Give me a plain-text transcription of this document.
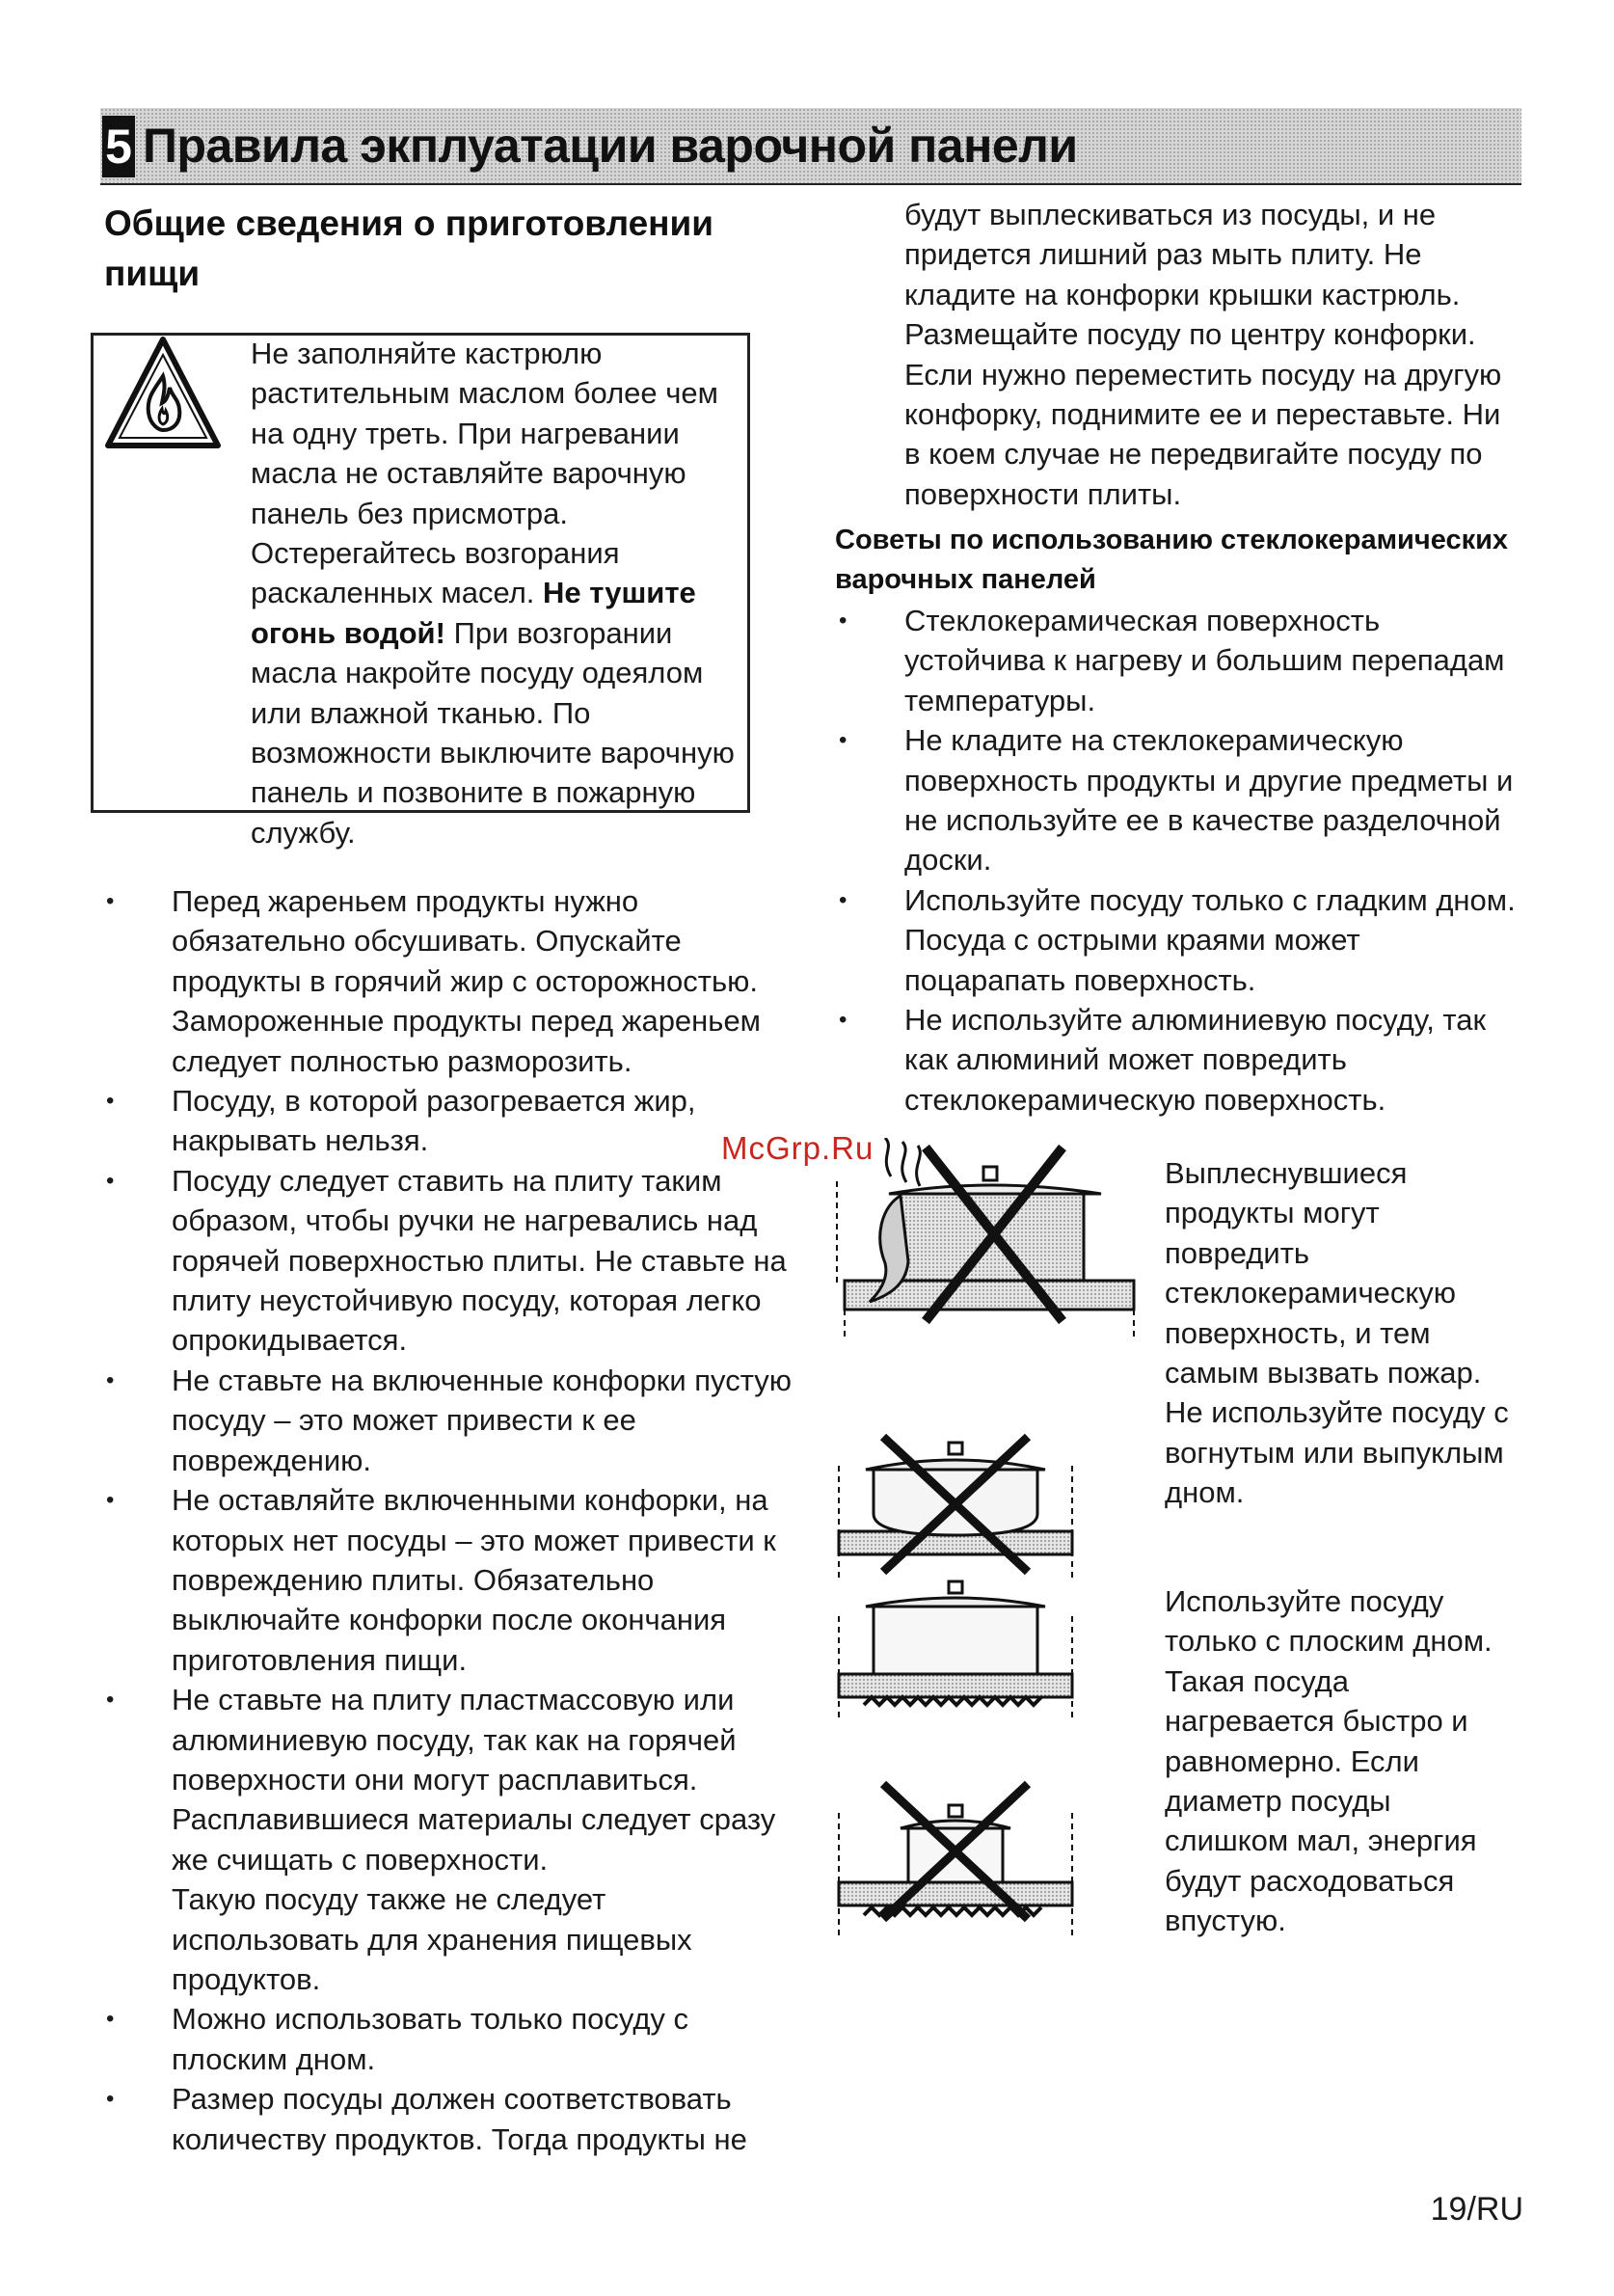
5 Правила экплуатации варочной панели
Общие сведения о приготовлении пищи
Не заполняйте кастрюлю растительным маслом более чем на одну треть. При нагревании масла не оставляйте варочную панель без присмотра. Остерегайтесь возгорания раскаленных масел. Не тушите огонь водой! При возгорании масла накройте посуду одеялом или влажной тканью. По возможности выключите варочную панель и позвоните в пожарную службу.
• Перед жареньем продукты нужно обязательно обсушивать. Опускайте продукты в горячий жир с осторожностью. Замороженные продукты перед жареньем следует полностью разморозить.
• Посуду, в которой разогревается жир, накрывать нельзя.
• Посуду следует ставить на плиту таким образом, чтобы ручки не нагревались над горячей поверхностью плиты. Не ставьте на плиту неустойчивую посуду, которая легко опрокидывается.
• Не ставьте на включенные конфорки пустую посуду – это может привести к ее повреждению.
• Не оставляйте включенными конфорки, на которых нет посуды – это может привести к повреждению плиты. Обязательно выключайте конфорки после окончания приготовления пищи.
• Не ставьте на плиту пластмассовую или алюминиевую посуду, так как на горячей поверхности они могут расплавиться. Расплавившиеся материалы следует сразу же счищать с поверхности.
Такую посуду также не следует использовать для хранения пищевых продуктов.
• Можно использовать только посуду с плоским дном.
• Размер посуды должен соответствовать количеству продуктов. Тогда продукты не
будут выплескиваться из посуды, и не придется лишний раз мыть плиту. Не кладите на конфорки крышки кастрюль. Размещайте посуду по центру конфорки. Если нужно переместить посуду на другую конфорку, поднимите ее и переставьте. Ни в коем случае не передвигайте посуду по поверхности плиты.
Советы по использованию стеклокерамических варочных панелей
• Стеклокерамическая поверхность устойчива к нагреву и большим перепадам температуры.
• Не кладите на стеклокерамическую поверхность продукты и другие предметы и не используйте ее в качестве разделочной доски.
• Используйте посуду только с гладким дном. Посуда с острыми краями может поцарапать поверхность.
• Не используйте алюминиевую посуду, так как алюминий может повредить стеклокерамическую поверхность.
McGrp.Ru
Выплеснувшиеся продукты могут повредить стеклокерамическую поверхность, и тем самым вызвать пожар. Не используйте посуду с вогнутым или выпуклым дном.
Используйте посуду только с плоским дном. Такая посуда нагревается быстро и равномерно. Если диаметр посуды слишком мал, энергия будут расходоваться впустую.
19/RU
